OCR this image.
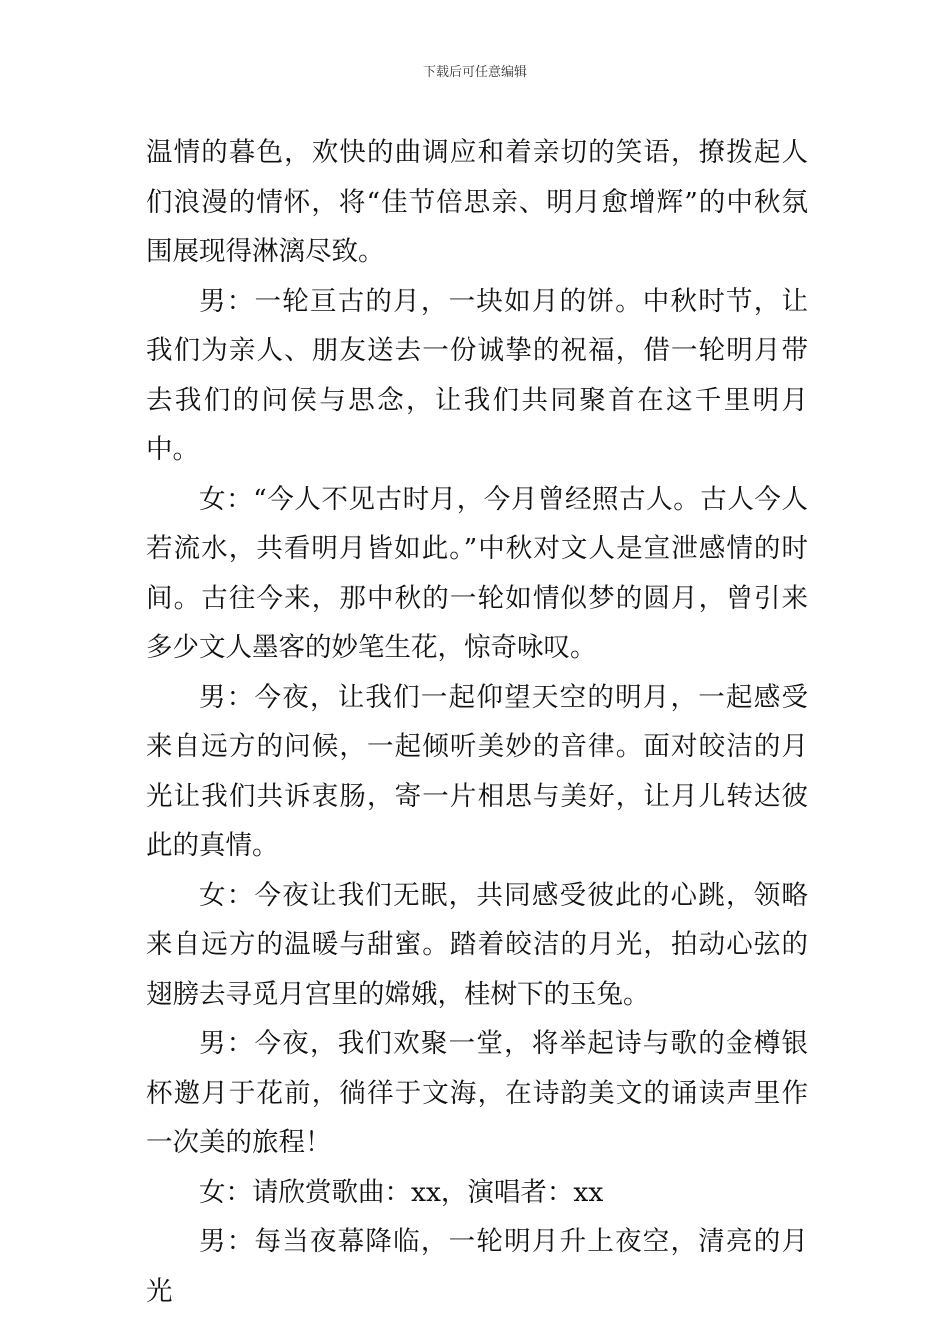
下载后可任意编辑

温情的暮色，欢快的曲调应和着亲切的笑语，撩拨起人们浪漫的情怀，将“佳节倍思亲、明月愈增辉”的中秋氛围展现得淋漓尽致。

男：一轮亘古的月，一块如月的饼。中秋时节，让我们为亲人、朋友送去一份诚挚的祝福，借一轮明月带去我们的问侯与思念，让我们共同聚首在这千里明月中。

女：“今人不见古时月，今月曾经照古人。古人今人若流水，共看明月皆如此。”中秋对文人是宣泄感情的时间。古往今来，那中秋的一轮如情似梦的圆月，曾引来多少文人墨客的妙笔生花，惊奇咏叹。

男：今夜，让我们一起仰望天空的明月，一起感受来自远方的问候，一起倾听美妙的音律。面对皎洁的月光让我们共诉衷肠，寄一片相思与美好，让月儿转达彼此的真情。

女：今夜让我们无眠，共同感受彼此的心跳，领略来自远方的温暖与甜蜜。踏着皎洁的月光，拍动心弦的翅膀去寻觅月宫里的嫦娥，桂树下的玉兔。

男：今夜，我们欢聚一堂，将举起诗与歌的金樽银杯邀月于花前，徜徉于文海，在诗韵美文的诵读声里作一次美的旅程！

女：请欣赏歌曲：xx，演唱者：xx

男：每当夜幕降临，一轮明月升上夜空，清亮的月光
